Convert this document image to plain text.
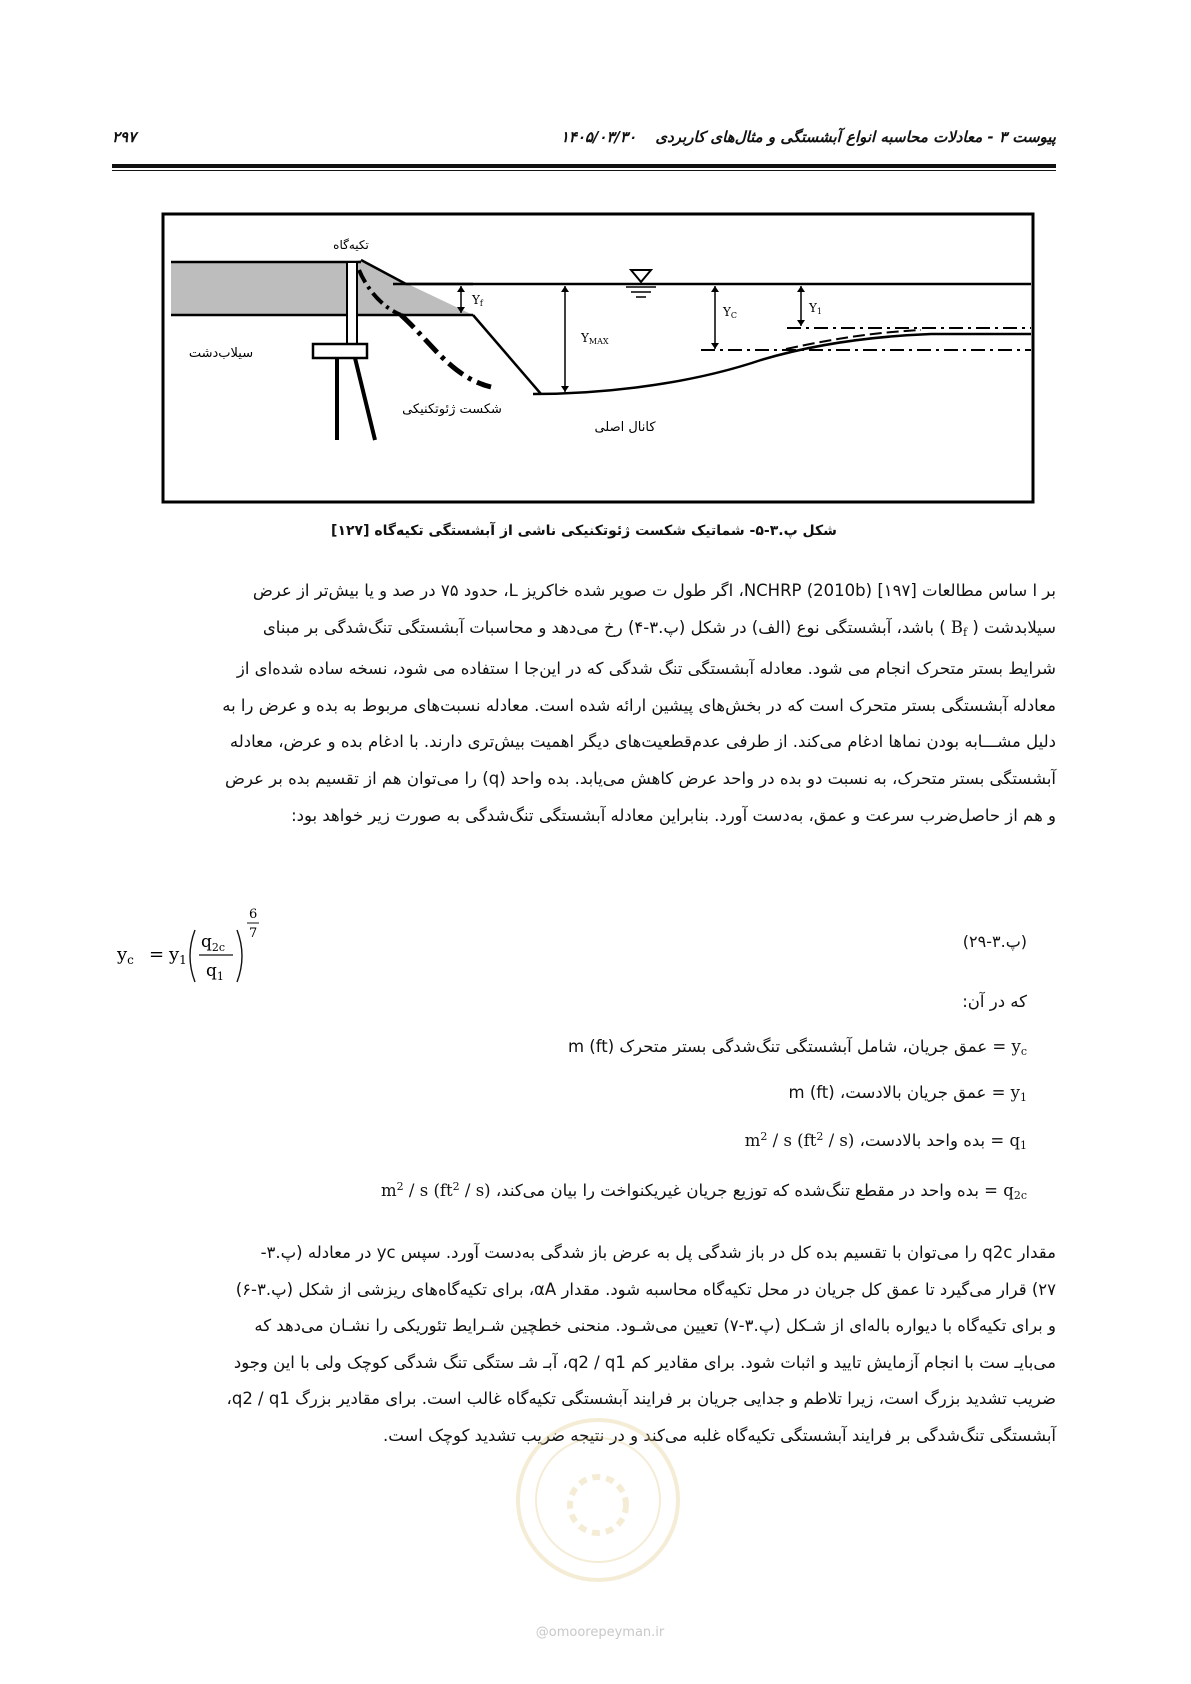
پیوست ۳ - معادلات محاسبه انواع آبشستگی و مثال‌های کاربردی ۱۴۰۵/۰۳/۳۰
۲۹۷
سیلاب‌دشت
تکیه‌گاه
شکست ژئوتکنیکی
کانال اصلی
Yf
YMAX
YC
Y1
شکل پ.۳-۵- شماتیک شکست ژئوتکنیکی ناشی از آبشستگی تکیه‌گاه [۱۲۷]
بر ا ساس مطالعات NCHRP (2010b) [۱۹۷]، اگر طول ت صویر شده خاکریز L، حدود ۷۵ در صد و یا بیش‌تر از عرض
سیلابدشت ( $B_f$ ) باشد، آبشستگی نوع (الف) در شکل (پ.۳-۴) رخ می‌دهد و محاسبات آبشستگی تنگ‌شدگی بر مبنای
شرایط بستر متحرک انجام می شود. معادله آبشستگی تنگ شدگی که در این‌جا ا ستفاده می شود، نسخه ساده شده‌ای از
معادله آبشستگی بستر متحرک است که در بخش‌های پیشین ارائه شده است. معادله نسبت‌های مربوط به بده و عرض را به
دلیل مشـــابه بودن نماها ادغام می‌کند. از طرفی عدم‌قطعیت‌های دیگر اهمیت بیش‌تری دارند. با ادغام بده و عرض، معادله
آبشستگی بستر متحرک، به نسبت دو بده در واحد عرض کاهش می‌یابد. بده واحد (q) را می‌توان هم از تقسیم بده بر عرض
و هم از حاصل‌ضرب سرعت و عمق، به‌دست آورد. بنابراین معادله آبشستگی تنگ‌شدگی به صورت زیر خواهد بود:
$y_c = y_1$
$q_{2c}$
$q_1$
6
7	(پ.۳-۲۹)
که در آن:
$y_c$ = عمق جریان، شامل آبشستگی تنگ‌شدگی بستر متحرک m (ft)
$y_1$ = عمق جریان بالادست، m (ft)
$q_1$ = بده واحد بالادست، $m^2$ / s $(ft^2 / s)$
$q_{2c}$ = بده واحد در مقطع تنگ‌شده که توزیع جریان غیریکنواخت را بیان می‌کند، $m^2$ / s $(ft^2 / s)$
مقدار q2c را می‌توان با تقسیم بده کل در باز شدگی پل به عرض باز شدگی به‌دست آورد. سپس yc در معادله (پ.۳-
۲۷) قرار می‌گیرد تا عمق کل جریان در محل تکیه‌گاه محاسبه شود. مقدار αA، برای تکیه‌گاه‌های ریزشی از شکل (پ.۳-۶)
و برای تکیه‌گاه با دیواره باله‌ای از شـکل (پ.۳-۷) تعیین می‌شـود. منحنی خطچین شـرایط تئوریکی را نشـان می‌دهد که
می‌بایـ ست با انجام آزمایش تایید و اثبات شود. برای مقادیر کم q2 / q1، آبـ شـ ستگی تنگ شدگی کوچک ولی با این وجود
ضریب تشدید بزرگ است، زیرا تلاطم و جدایی جریان بر فرایند آبشستگی تکیه‌گاه غالب است. برای مقادیر بزرگ q2 / q1،
آبشستگی تنگ‌شدگی بر فرایند آبشستگی تکیه‌گاه غلبه می‌کند و در نتیجه ضریب تشدید کوچک است.
@omoorepeyman.ir
